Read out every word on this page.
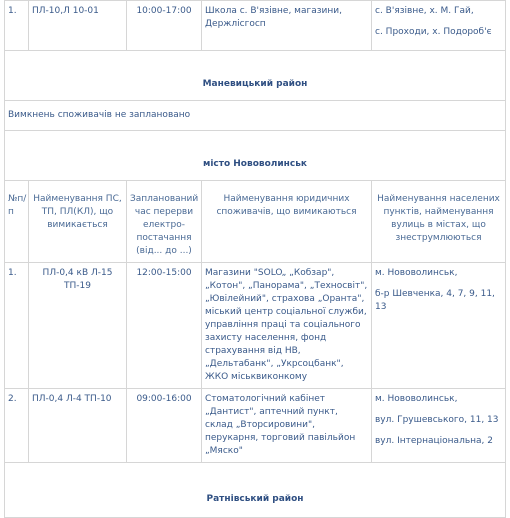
1.	ПЛ-10,Л 10-01	10:00-17:00	Школа с. В'язівне, магазини, Держлісгосп	с. В'язівне, х. М. Гай,
с. Проходи, х. Подороб'є

Маневицький район				
Вимкнень споживачів не заплановано				
місто Нововолинськ				
№п/п	Найменування ПС, ТП, ПЛ(КЛ), що вимикається	Запланований час перерви електро-постачання (від... до ...)	Найменування юридичних споживачів, що вимикаються	Найменування населених пунктів, найменування вулиць в містах, що знеструмлюються
1.	ПЛ-0,4 кВ Л-15 ТП-19	12:00-15:00	Магазини "SOLO„ „Кобзар", „Котон", „Панорама", „Техносвіт", „Ювілейний", страхова „Оранта", міський центр соціальної служби, управління праці та соціального захисту населення, фонд страхування від НВ, „Дельтабанк", „Укрсоцбанк", ЖКО міськвиконкому	м. Нововолинськ,
б-р Шевченка, 4, 7, 9, 11, 13

2.	ПЛ-0,4 Л-4 ТП-10	09:00-16:00	Стоматологічний кабінет „Дантист", аптечний пункт, склад „Вторсировини", перукарня, торговий павільйон „Мяско"	м. Нововолинськ,
вул. Грушевського, 11, 13
вул. Інтернаціональна, 2

Ратнівський район				
